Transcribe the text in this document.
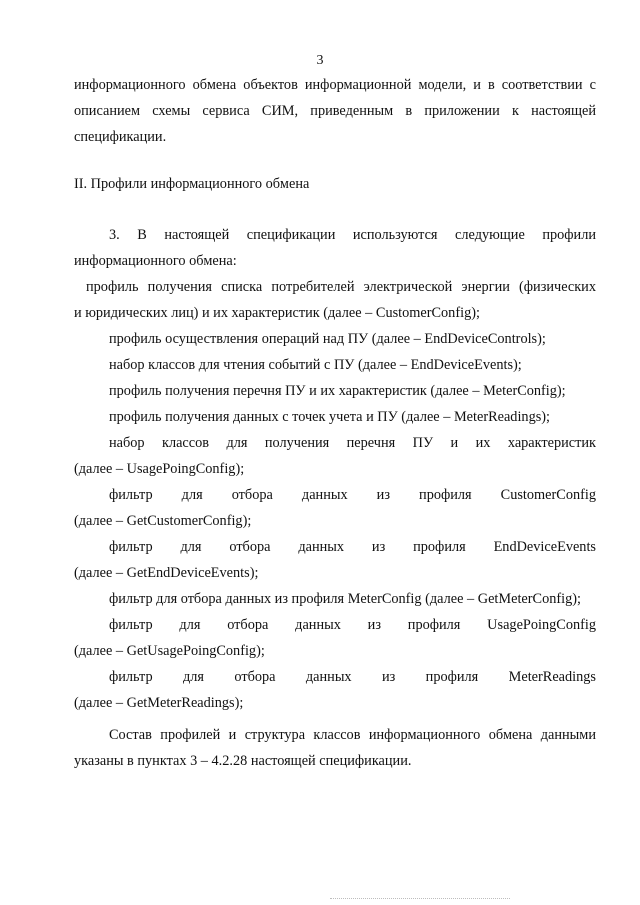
3

информационного обмена объектов информационной модели, и в соответствии с

описанием схемы сервиса СИМ, приведенным в приложении к настоящей

спецификации.

II. Профили информационного обмена

3. В настоящей спецификации используются следующие профили

информационного обмена:

профиль получения списка потребителей электрической энергии (физических

и юридических лиц) и их характеристик (далее – CustomerConfig);

профиль осуществления операций над ПУ (далее – EndDeviceControls);

набор классов для чтения событий с ПУ (далее – EndDeviceEvents);

профиль получения перечня ПУ и их характеристик (далее – MeterConfig);

профиль получения данных с точек учета и ПУ (далее – MeterReadings);

набор классов для получения перечня ПУ и их характеристик

(далее – UsagePoingConfig);

фильтр для отбора данных из профиля CustomerConfig

(далее – GetCustomerConfig);

фильтр для отбора данных из профиля EndDeviceEvents

(далее – GetEndDeviceEvents);

фильтр для отбора данных из профиля MeterConfig (далее – GetMeterConfig);

фильтр для отбора данных из профиля UsagePoingConfig

(далее – GetUsagePoingConfig);

фильтр для отбора данных из профиля MeterReadings

(далее – GetMeterReadings);

Состав профилей и структура классов информационного обмена данными

указаны в пунктах 3 – 4.2.28 настоящей спецификации.
